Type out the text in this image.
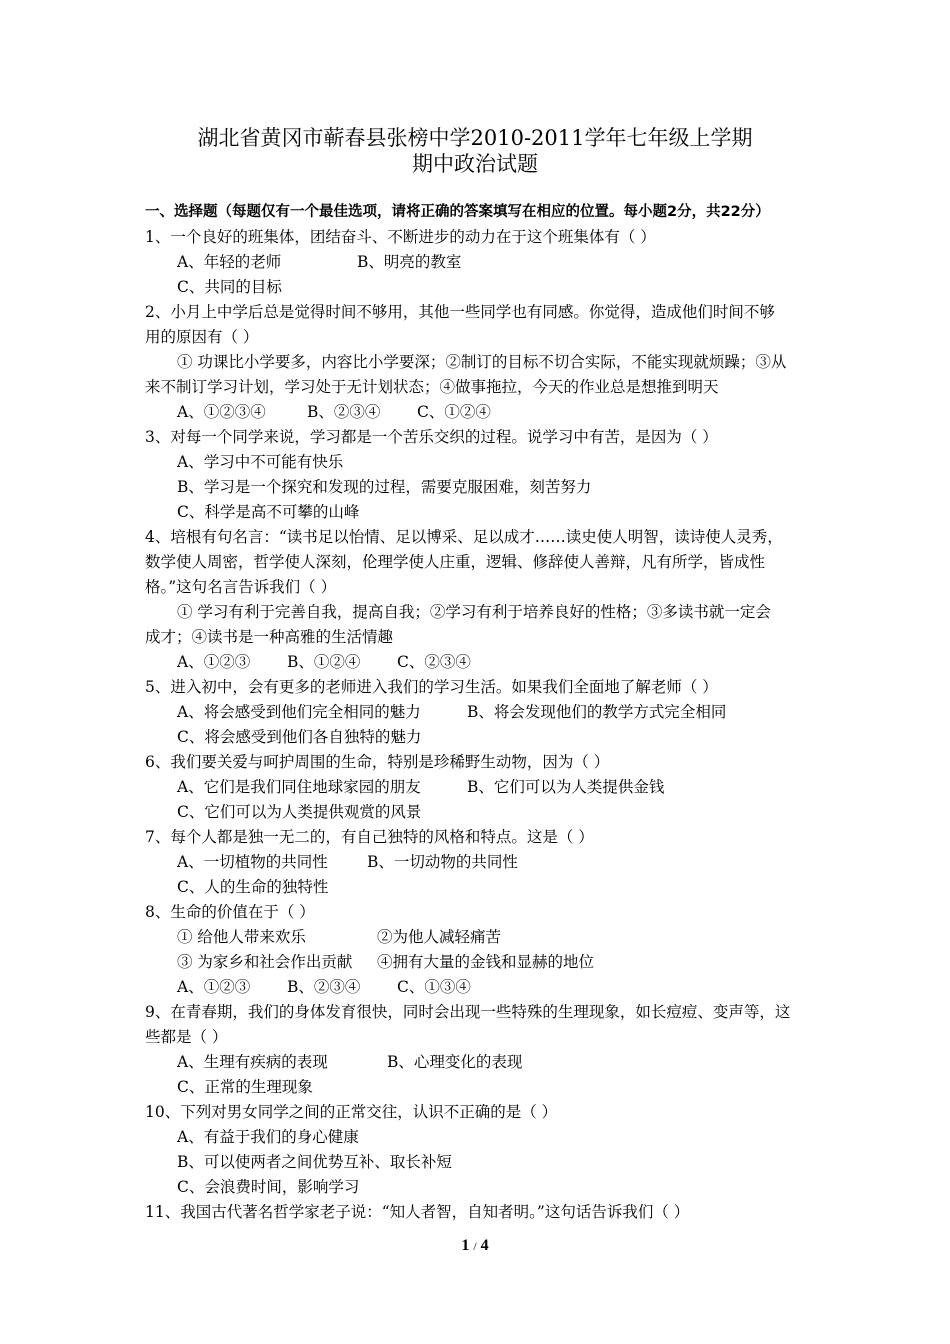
湖北省黄冈市蕲春县张榜中学2010-2011学年七年级上学期
期中政治试题
一、选择题（每题仅有一个最佳选项，请将正确的答案填写在相应的位置。每小题2分，共22分）
1、一个良好的班集体，团结奋斗、不断进步的动力在于这个班集体有（ ）
A、年轻的老师	B、明亮的教室
C、共同的目标
2、小月上中学后总是觉得时间不够用，其他一些同学也有同感。你觉得，造成他们时间不够
用的原因有（ ）
① 功课比小学要多，内容比小学要深；②制订的目标不切合实际，不能实现就烦躁；③从
来不制订学习计划，学习处于无计划状态；④做事拖拉，今天的作业总是想推到明天
A、①②③④	B、②③④ C、①②④
3、对每一个同学来说，学习都是一个苦乐交织的过程。说学习中有苦，是因为（ ）
A、学习中不可能有快乐
B、学习是一个探究和发现的过程，需要克服困难，刻苦努力
C、科学是高不可攀的山峰
4、培根有句名言：“读书足以怡情、足以博采、足以成才……读史使人明智，读诗使人灵秀，
数学使人周密，哲学使人深刻，伦理学使人庄重，逻辑、修辞使人善辩，凡有所学，皆成性
格。”这句名言告诉我们（ ）
① 学习有利于完善自我，提高自我；②学习有利于培养良好的性格；③多读书就一定会
成才；④读书是一种高雅的生活情趣
A、①②③ B、①②④ C、②③④
5、进入初中，会有更多的老师进入我们的学习生活。如果我们全面地了解老师（ ）
A、将会感受到他们完全相同的魅力	B、将会发现他们的教学方式完全相同
C、将会感受到他们各自独特的魅力
6、我们要关爱与呵护周围的生命，特别是珍稀野生动物，因为（ ）
A、它们是我们同住地球家园的朋友	B、它们可以为人类提供金钱
C、它们可以为人类提供观赏的风景
7、每个人都是独一无二的，有自己独特的风格和特点。这是（ ）
A、一切植物的共同性	B、一切动物的共同性
C、人的生命的独特性
8、生命的价值在于（ ）
① 给他人带来欢乐	②为他人减轻痛苦
③ 为家乡和社会作出贡献 ④拥有大量的金钱和显赫的地位
A、①②③ B、②③④ C、①③④
9、在青春期，我们的身体发育很快，同时会出现一些特殊的生理现象，如长痘痘、变声等，这
些都是（ ）
A、生理有疾病的表现	B、心理变化的表现
C、正常的生理现象
10、下列对男女同学之间的正常交往，认识不正确的是（ ）
A、有益于我们的身心健康
B、可以使两者之间优势互补、取长补短
C、会浪费时间，影响学习
11、我国古代著名哲学家老子说：“知人者智，自知者明。”这句话告诉我们（ ）
1 / 4
